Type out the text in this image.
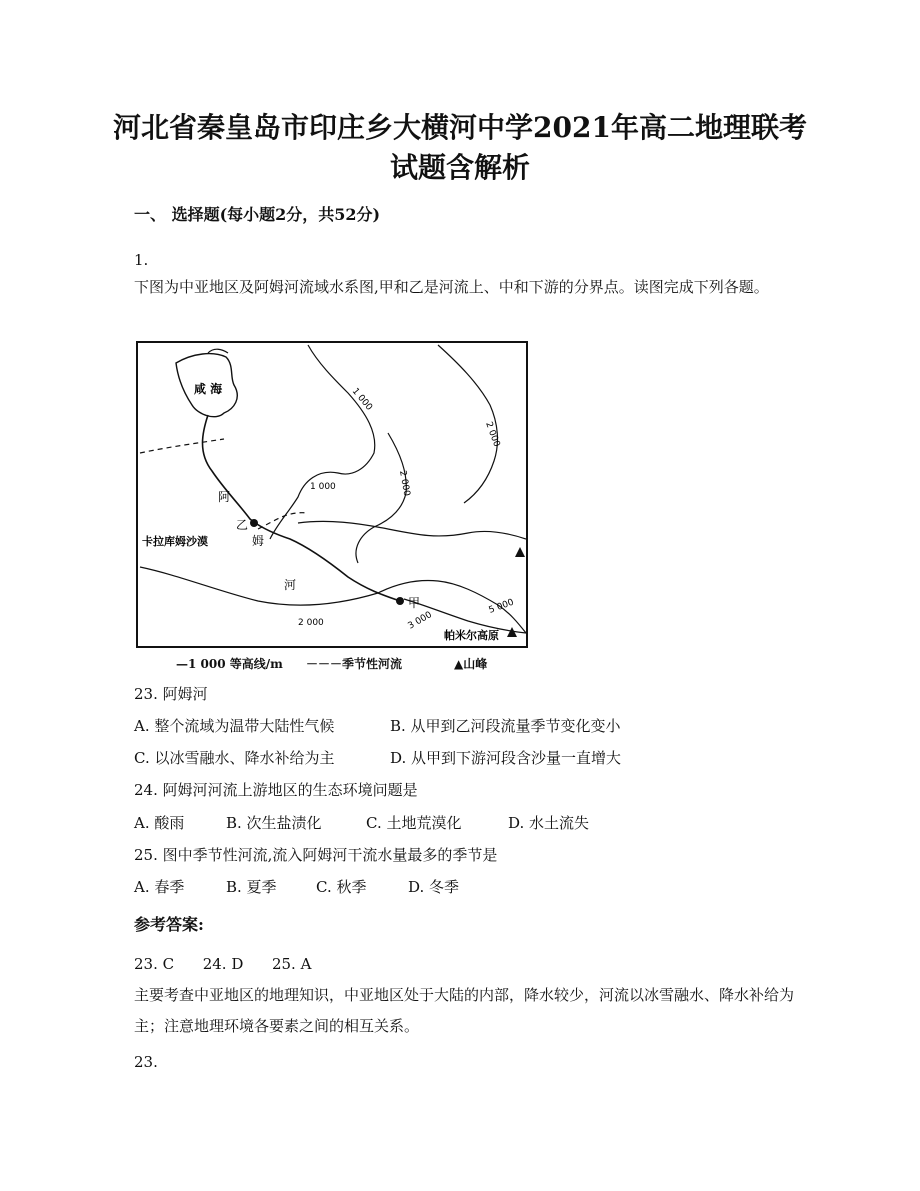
河北省秦皇岛市印庄乡大横河中学2021年高二地理联考
试题含解析
一、 选择题(每小题2分，共52分)
1.
下图为中亚地区及阿姆河流域水系图,甲和乙是河流上、中和下游的分界点。读图完成下列各题。
咸 海
阿
姆
河
乙
甲
卡拉库姆沙漠
帕米尔高原
1 000
1 000
2 000
2 000
2 000	3 000
5 000
—1 000 等高线/m －－－季节性河流	▲山峰
23. 阿姆河
A. 整个流域为温带大陆性气候	B. 从甲到乙河段流量季节变化变小
C. 以冰雪融水、降水补给为主	D. 从甲到下游河段含沙量一直增大
24. 阿姆河河流上游地区的生态环境问题是
A. 酸雨	B. 次生盐渍化	C. 土地荒漠化	D. 水土流失
25. 图中季节性河流,流入阿姆河干流水量最多的季节是
A. 春季	B. 夏季	C. 秋季	D. 冬季
参考答案:
23. C      24. D      25. A
主要考查中亚地区的地理知识，中亚地区处于大陆的内部，降水较少，河流以冰雪融水、降水补给为主；注意地理环境各要素之间的相互关系。
23.
